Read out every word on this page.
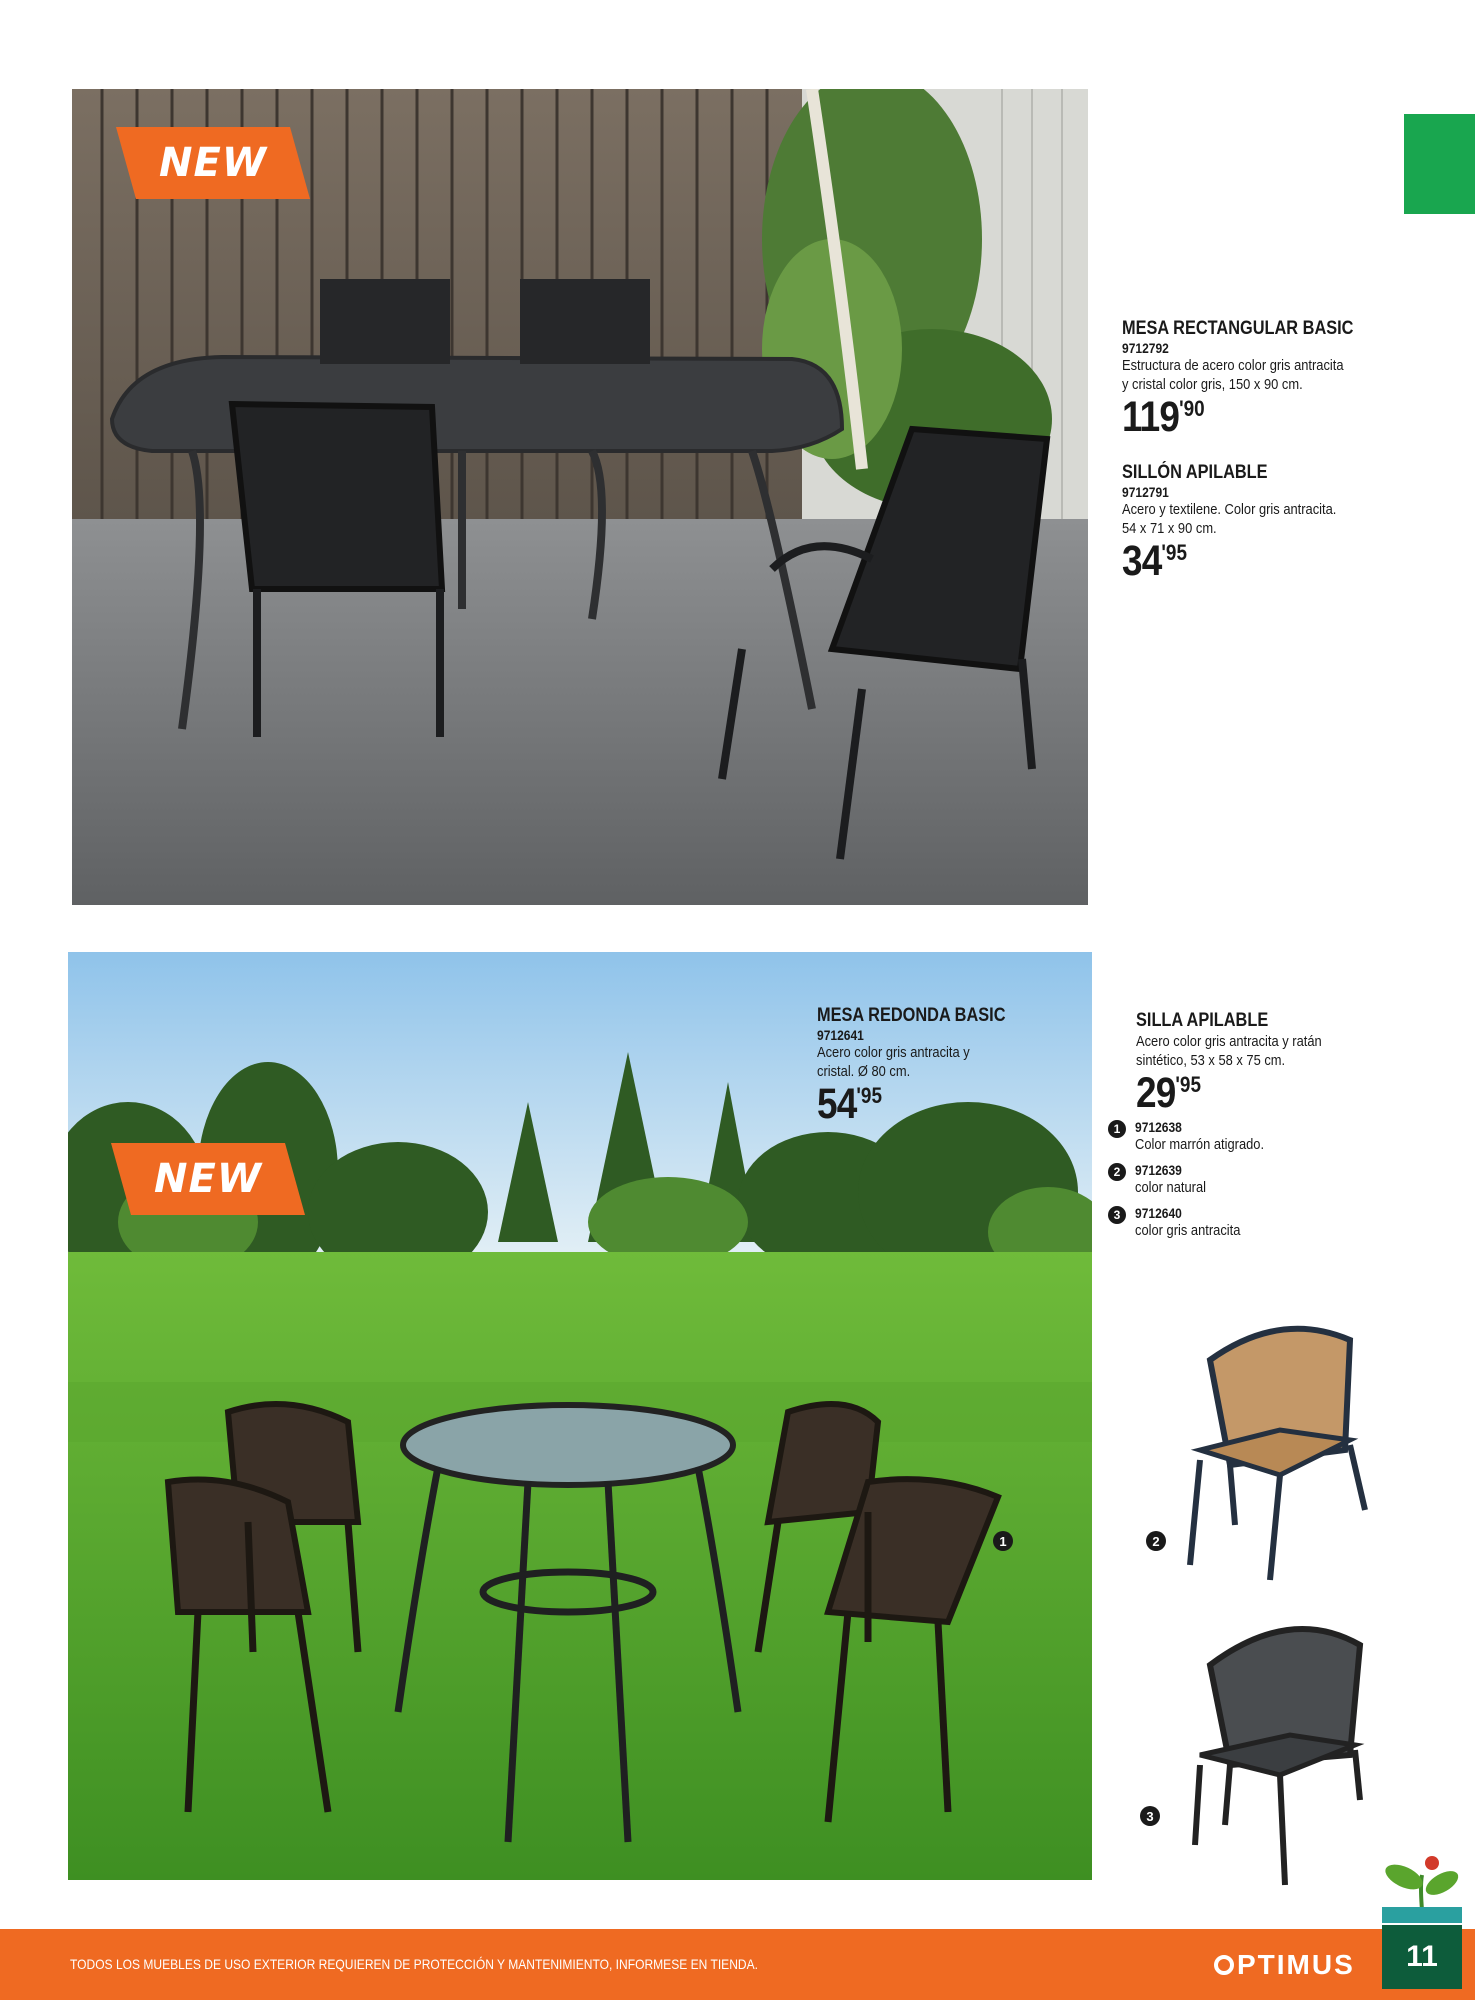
NEW
MESA RECTANGULAR BASIC
9712792
Estructura de acero color gris antracita
y cristal color gris, 150 x 90 cm.
119 '90
SILLÓN APILABLE
9712791
Acero y textilene. Color gris antracita.
54 x 71 x 90 cm.
34 '95
NEW
MESA REDONDA BASIC
9712641
Acero color gris antracita y
cristal. Ø 80 cm.
54 '95
1
SILLA APILABLE
Acero color gris antracita y ratán
sintético, 53 x 58 x 75 cm.
29 '95
1	9712638
Color marrón atigrado.
2	9712639
color natural
3	9712640
color gris antracita
2
3
TODOS LOS MUEBLES DE USO EXTERIOR REQUIEREN DE PROTECCIÓN Y MANTENIMIENTO, INFORMESE EN TIENDA.	PTIMUS	11
